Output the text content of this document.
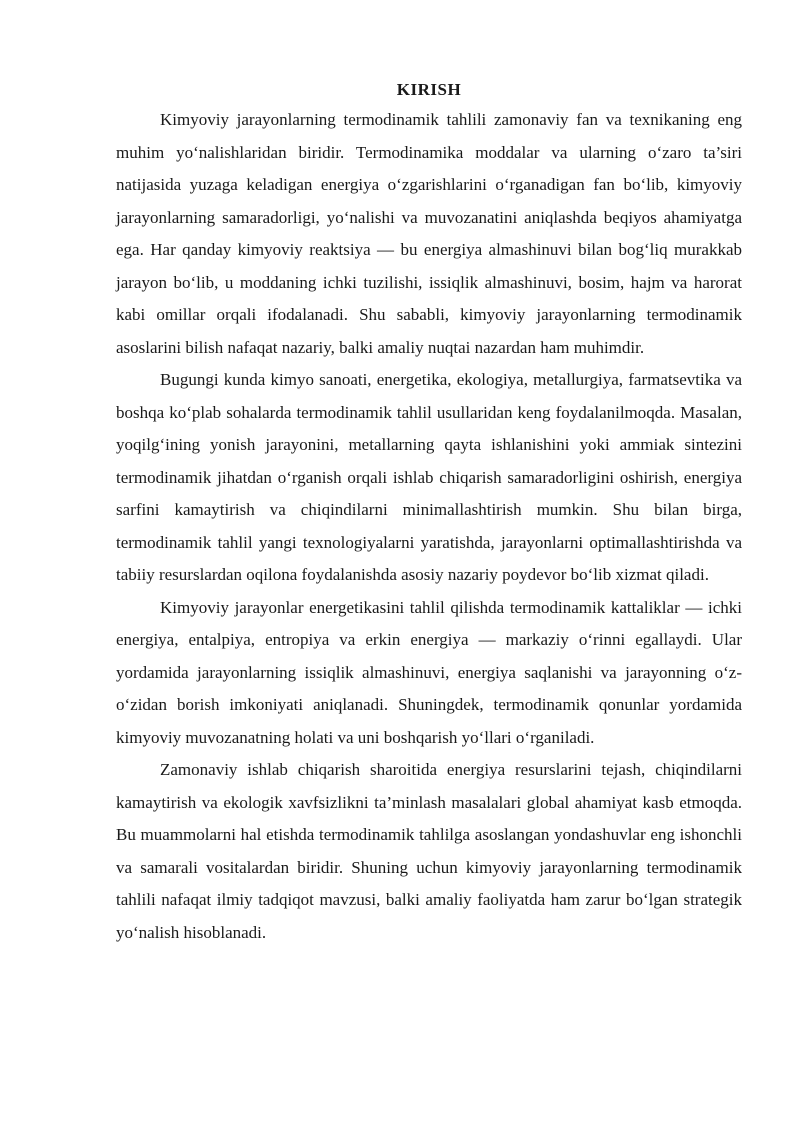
KIRISH

Kimyoviy jarayonlarning termodinamik tahlili zamonaviy fan va texnikaning eng muhim yo‘nalishlaridan biridir. Termodinamika moddalar va ularning o‘zaro ta’siri natijasida yuzaga keladigan energiya o‘zgarishlarini o‘rganadigan fan bo‘lib, kimyoviy jarayonlarning samaradorligi, yo‘nalishi va muvozanatini aniqlashda beqiyos ahamiyatga ega. Har qanday kimyoviy reaktsiya — bu energiya almashinuvi bilan bog‘liq murakkab jarayon bo‘lib, u moddaning ichki tuzilishi, issiqlik almashinuvi, bosim, hajm va harorat kabi omillar orqali ifodalanadi. Shu sababli, kimyoviy jarayonlarning termodinamik asoslarini bilish nafaqat nazariy, balki amaliy nuqtai nazardan ham muhimdir.

Bugungi kunda kimyo sanoati, energetika, ekologiya, metallurgiya, farmatsevtika va boshqa ko‘plab sohalarda termodinamik tahlil usullaridan keng foydalanilmoqda. Masalan, yoqilg‘ining yonish jarayonini, metallarning qayta ishlanishini yoki ammiak sintezini termodinamik jihatdan o‘rganish orqali ishlab chiqarish samaradorligini oshirish, energiya sarfini kamaytirish va chiqindilarni minimallashtirish mumkin. Shu bilan birga, termodinamik tahlil yangi texnologiyalarni yaratishda, jarayonlarni optimallashtirishda va tabiiy resurslardan oqilona foydalanishda asosiy nazariy poydevor bo‘lib xizmat qiladi.

Kimyoviy jarayonlar energetikasini tahlil qilishda termodinamik kattaliklar — ichki energiya, entalpiya, entropiya va erkin energiya — markaziy o‘rinni egallaydi. Ular yordamida jarayonlarning issiqlik almashinuvi, energiya saqlanishi va jarayonning o‘z-o‘zidan borish imkoniyati aniqlanadi. Shuningdek, termodinamik qonunlar yordamida kimyoviy muvozanatning holati va uni boshqarish yo‘llari o‘rganiladi.

Zamonaviy ishlab chiqarish sharoitida energiya resurslarini tejash, chiqindilarni kamaytirish va ekologik xavfsizlikni ta’minlash masalalari global ahamiyat kasb etmoqda. Bu muammolarni hal etishda termodinamik tahlilga asoslangan yondashuvlar eng ishonchli va samarali vositalardan biridir. Shuning uchun kimyoviy jarayonlarning termodinamik tahlili nafaqat ilmiy tadqiqot mavzusi, balki amaliy faoliyatda ham zarur bo‘lgan strategik yo‘nalish hisoblanadi.
